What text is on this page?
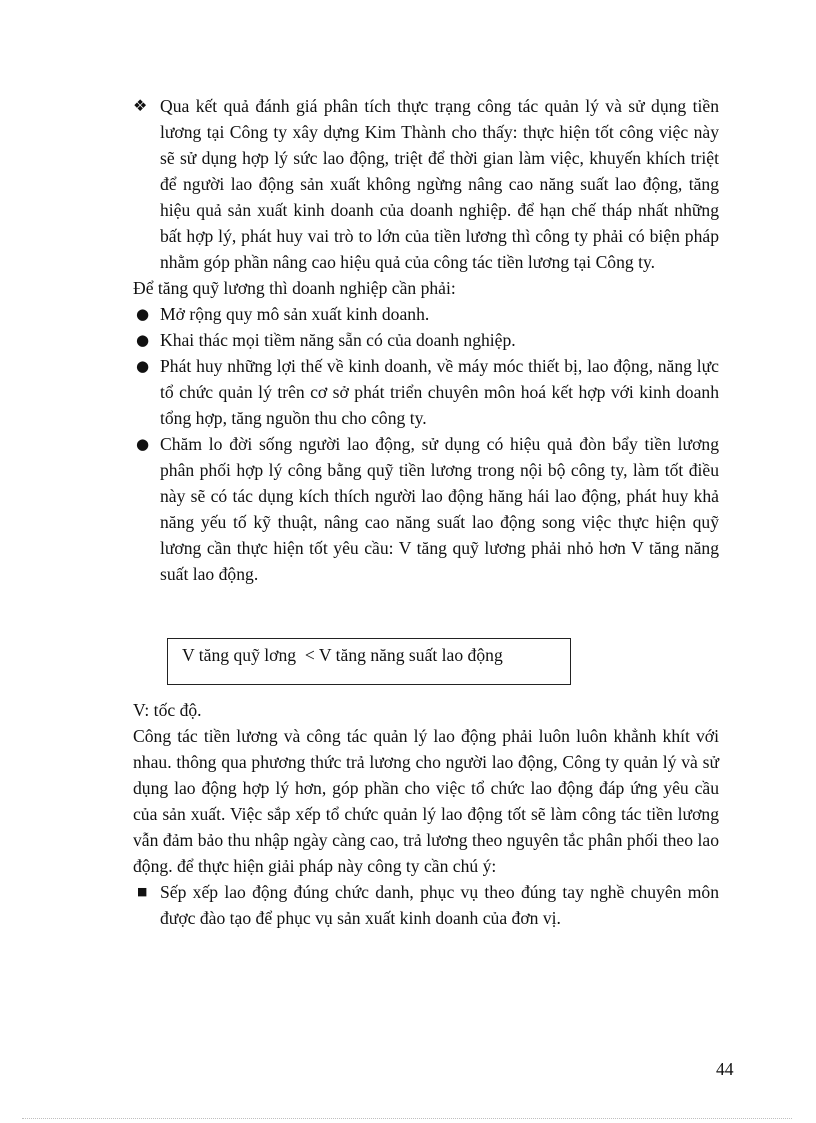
❖ Qua kết quả đánh giá phân tích thực trạng công tác quản lý và sử dụng tiền lương tại Công ty xây dựng Kim Thành cho thấy: thực hiện tốt công việc này sẽ sử dụng hợp lý sức lao động, triệt để thời gian làm việc, khuyến khích triệt để người lao động sản xuất không ngừng nâng cao năng suất lao động, tăng hiệu quả sản xuất kinh doanh của doanh nghiệp. để hạn chế tháp nhất những bất hợp lý, phát huy vai trò to lớn của tiền lương thì công ty phải có biện pháp nhằm góp phần nâng cao hiệu quả của công tác tiền lương tại Công ty.

Để tăng quỹ lương thì doanh nghiệp cần phải:

● Mở rộng quy mô sản xuất kinh doanh.
● Khai thác mọi tiềm năng sẵn có của doanh nghiệp.
● Phát huy những lợi thế về kinh doanh, về máy móc thiết bị, lao động, năng lực tổ chức quản lý trên cơ sở phát triển chuyên môn hoá kết hợp với kinh doanh tổng hợp, tăng nguồn thu cho công ty.
● Chăm lo đời sống người lao động, sử dụng có hiệu quả đòn bẩy tiền lương phân phối hợp lý công bằng quỹ tiền lương trong nội bộ công ty, làm tốt điều này sẽ có tác dụng kích thích người lao động hăng hái lao động, phát huy khả năng yếu tố kỹ thuật, nâng cao năng suất lao động song việc thực hiện quỹ lương cần thực hiện tốt yêu cầu: V tăng quỹ lương phải nhỏ hơn V tăng năng suất lao động.
V tăng quỹ lơng  < V tăng năng suất lao động

V: tốc độ.

Công tác tiền lương và công tác quản lý lao động phải luôn luôn khẳnh khít với nhau. thông qua phương thức trả lương cho người lao động, Công ty quản lý và sử dụng lao động hợp lý hơn, góp phần cho việc tổ chức lao động đáp ứng yêu cầu của sản xuất. Việc sắp xếp tổ chức quản lý lao động tốt sẽ làm công tác tiền lương vẫn đảm bảo thu nhập ngày càng cao, trả lương theo nguyên tắc phân phối theo lao động. để thực hiện giải pháp này công ty cần chú ý:

■ Sếp xếp lao động đúng chức danh, phục vụ theo đúng tay nghề chuyên môn được đào tạo để phục vụ sản xuất kinh doanh của đơn vị.
44
